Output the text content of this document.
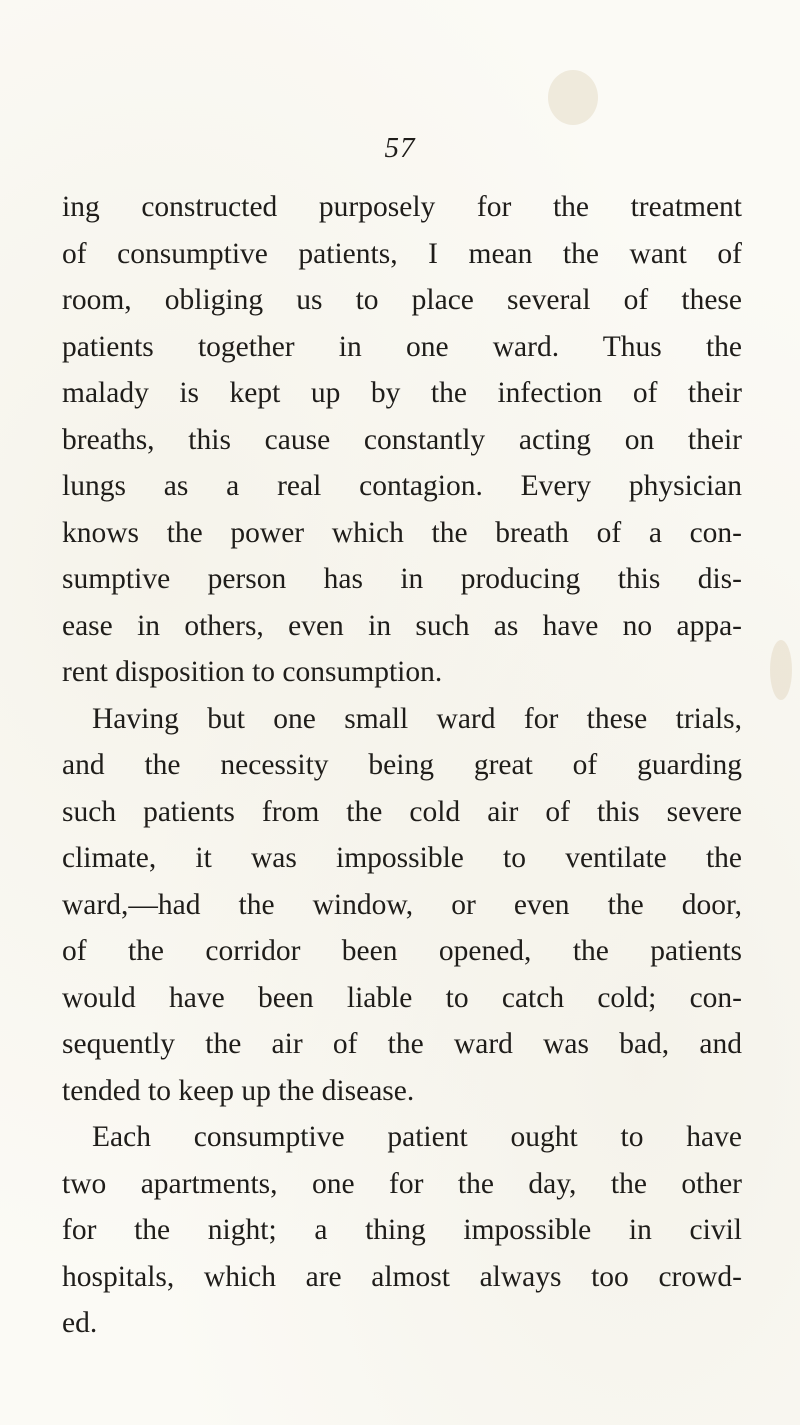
57
ing constructed purposely for the treatment
of consumptive patients, I mean the want of
room, obliging us to place several of these
patients together in one ward. Thus the
malady is kept up by the infection of their
breaths, this cause constantly acting on their
lungs as a real contagion. Every physician
knows the power which the breath of a con-
sumptive person has in producing this dis-
ease in others, even in such as have no appa-
rent disposition to consumption.
Having but one small ward for these trials,
and the necessity being great of guarding
such patients from the cold air of this severe
climate, it was impossible to ventilate the
ward,—had the window, or even the door,
of the corridor been opened, the patients
would have been liable to catch cold; con-
sequently the air of the ward was bad, and
tended to keep up the disease.
Each consumptive patient ought to have
two apartments, one for the day, the other
for the night; a thing impossible in civil
hospitals, which are almost always too crowd-
ed.
